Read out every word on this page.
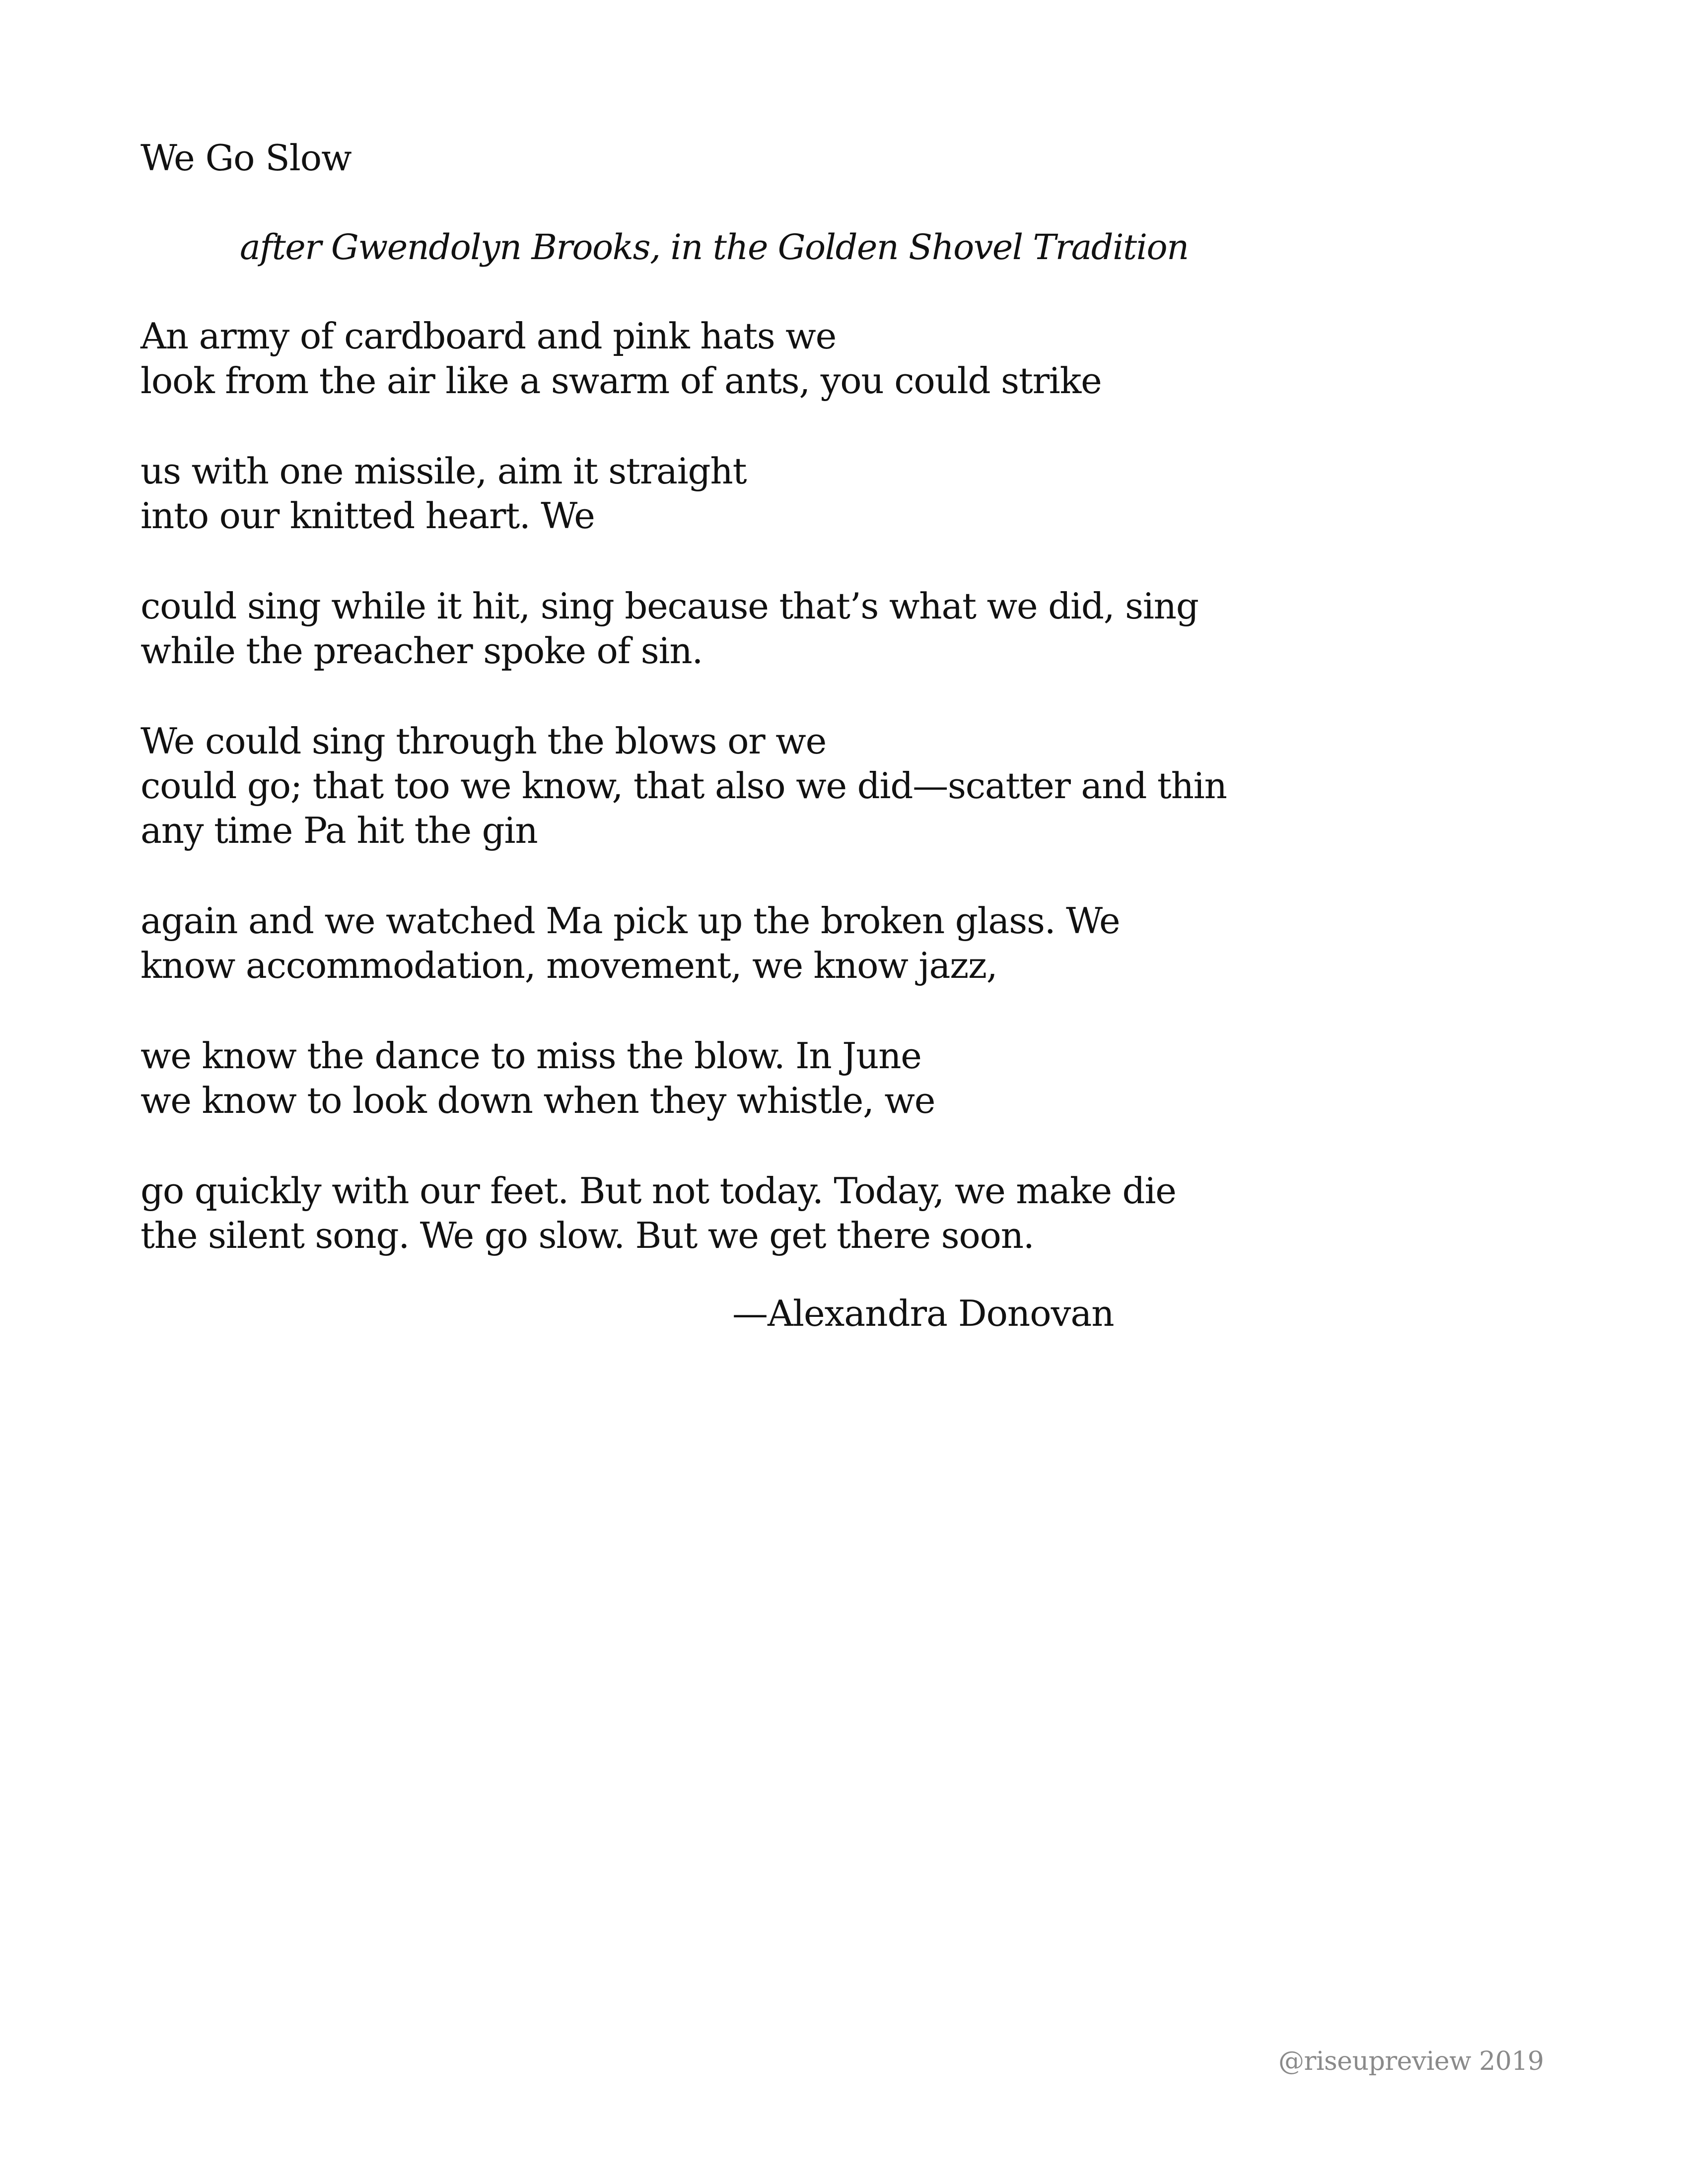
We Go Slow
after Gwendolyn Brooks, in the Golden Shovel Tradition
An army of cardboard and pink hats we
look from the air like a swarm of ants, you could strike
us with one missile, aim it straight
into our knitted heart. We
could sing while it hit, sing because that’s what we did, sing
while the preacher spoke of sin.
We could sing through the blows or we
could go; that too we know, that also we did—scatter and thin
any time Pa hit the gin
again and we watched Ma pick up the broken glass. We
know accommodation, movement, we know jazz,
we know the dance to miss the blow. In June
we know to look down when they whistle, we
go quickly with our feet. But not today. Today, we make die
the silent song. We go slow. But we get there soon.
—Alexandra Donovan
@riseupreview 2019
